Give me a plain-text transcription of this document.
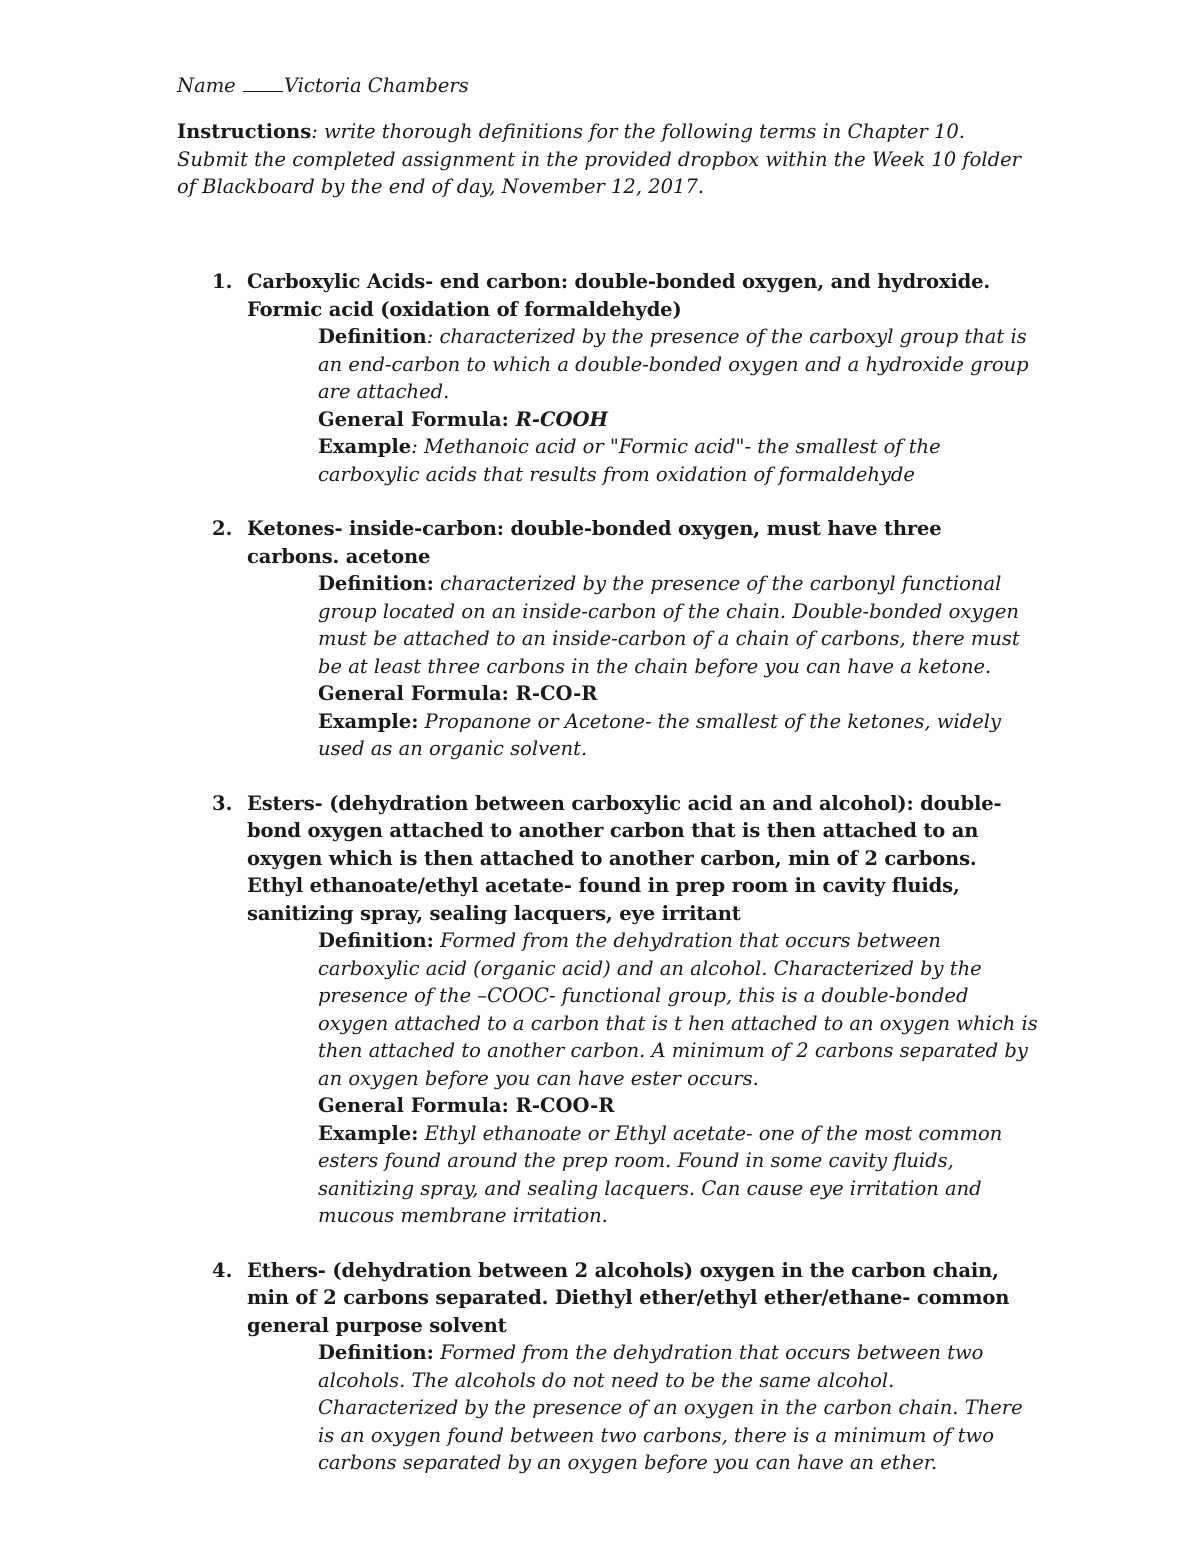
Name Victoria Chambers
Instructions: write thorough definitions for the following terms in Chapter 10. Submit the completed assignment in the provided dropbox within the Week 10 folder of Blackboard by the end of day, November 12, 2017.
1. Carboxylic Acids- end carbon: double-bonded oxygen, and hydroxide. Formic acid (oxidation of formaldehyde)

Definition: characterized by the presence of the carboxyl group that is an end-carbon to which a double-bonded oxygen and a hydroxide group are attached.

General Formula: R-COOH

Example: Methanoic acid or "Formic acid"- the smallest of the carboxylic acids that results from oxidation of formaldehyde

2. Ketones- inside-carbon: double-bonded oxygen, must have three carbons. acetone

Definition: characterized by the presence of the carbonyl functional group located on an inside-carbon of the chain. Double-bonded oxygen must be attached to an inside-carbon of a chain of carbons, there must be at least three carbons in the chain before you can have a ketone.

General Formula: R-CO-R

Example: Propanone or Acetone- the smallest of the ketones, widely used as an organic solvent.

3. Esters- (dehydration between carboxylic acid an and alcohol): double-bond oxygen attached to another carbon that is then attached to an oxygen which is then attached to another carbon, min of 2 carbons. Ethyl ethanoate/ethyl acetate- found in prep room in cavity fluids, sanitizing spray, sealing lacquers, eye irritant

Definition: Formed from the dehydration that occurs between carboxylic acid (organic acid) and an alcohol. Characterized by the presence of the –COOC- functional group, this is a double-bonded oxygen attached to a carbon that is t hen attached to an oxygen which is then attached to another carbon. A minimum of 2 carbons separated by an oxygen before you can have ester occurs.

General Formula: R-COO-R

Example: Ethyl ethanoate or Ethyl acetate- one of the most common esters found around the prep room. Found in some cavity fluids, sanitizing spray, and sealing lacquers. Can cause eye irritation and mucous membrane irritation.

4. Ethers- (dehydration between 2 alcohols) oxygen in the carbon chain, min of 2 carbons separated. Diethyl ether/ethyl ether/ethane- common general purpose solvent

Definition: Formed from the dehydration that occurs between two alcohols. The alcohols do not need to be the same alcohol. Characterized by the presence of an oxygen in the carbon chain. There is an oxygen found between two carbons, there is a minimum of two carbons separated by an oxygen before you can have an ether.
